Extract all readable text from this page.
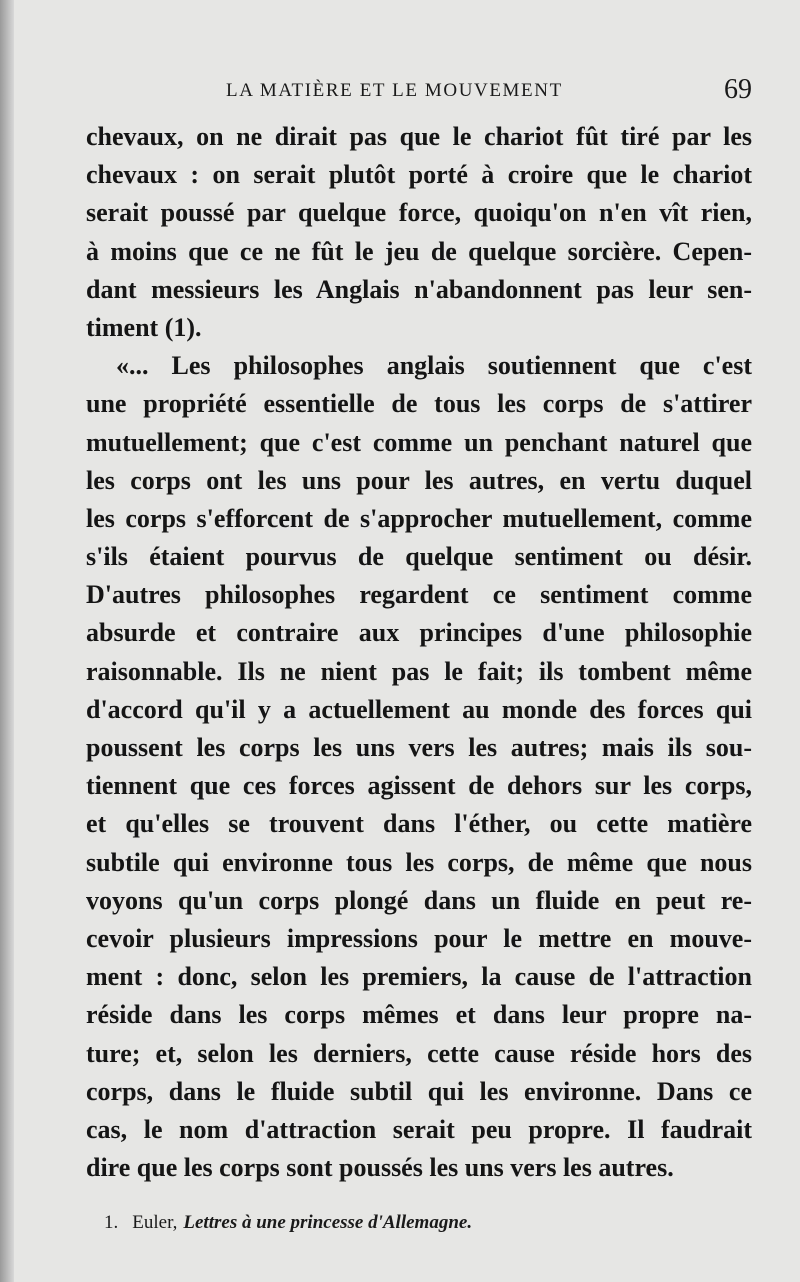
LA MATIÈRE ET LE MOUVEMENT	69
chevaux, on ne dirait pas que le chariot fût tiré par les
chevaux : on serait plutôt porté à croire que le chariot
serait poussé par quelque force, quoiqu'on n'en vît rien,
à moins que ce ne fût le jeu de quelque sorcière. Cepen-
dant messieurs les Anglais n'abandonnent pas leur sen-
timent (1).
«... Les philosophes anglais soutiennent que c'est
une propriété essentielle de tous les corps de s'attirer
mutuellement; que c'est comme un penchant naturel que
les corps ont les uns pour les autres, en vertu duquel
les corps s'efforcent de s'approcher mutuellement, comme
s'ils étaient pourvus de quelque sentiment ou désir.
D'autres philosophes regardent ce sentiment comme
absurde et contraire aux principes d'une philosophie
raisonnable. Ils ne nient pas le fait; ils tombent même
d'accord qu'il y a actuellement au monde des forces qui
poussent les corps les uns vers les autres; mais ils sou-
tiennent que ces forces agissent de dehors sur les corps,
et qu'elles se trouvent dans l'éther, ou cette matière
subtile qui environne tous les corps, de même que nous
voyons qu'un corps plongé dans un fluide en peut re-
cevoir plusieurs impressions pour le mettre en mouve-
ment : donc, selon les premiers, la cause de l'attraction
réside dans les corps mêmes et dans leur propre na-
ture; et, selon les derniers, cette cause réside hors des
corps, dans le fluide subtil qui les environne. Dans ce
cas, le nom d'attraction serait peu propre. Il faudrait
dire que les corps sont poussés les uns vers les autres.
1. Euler, Lettres à une princesse d'Allemagne.
